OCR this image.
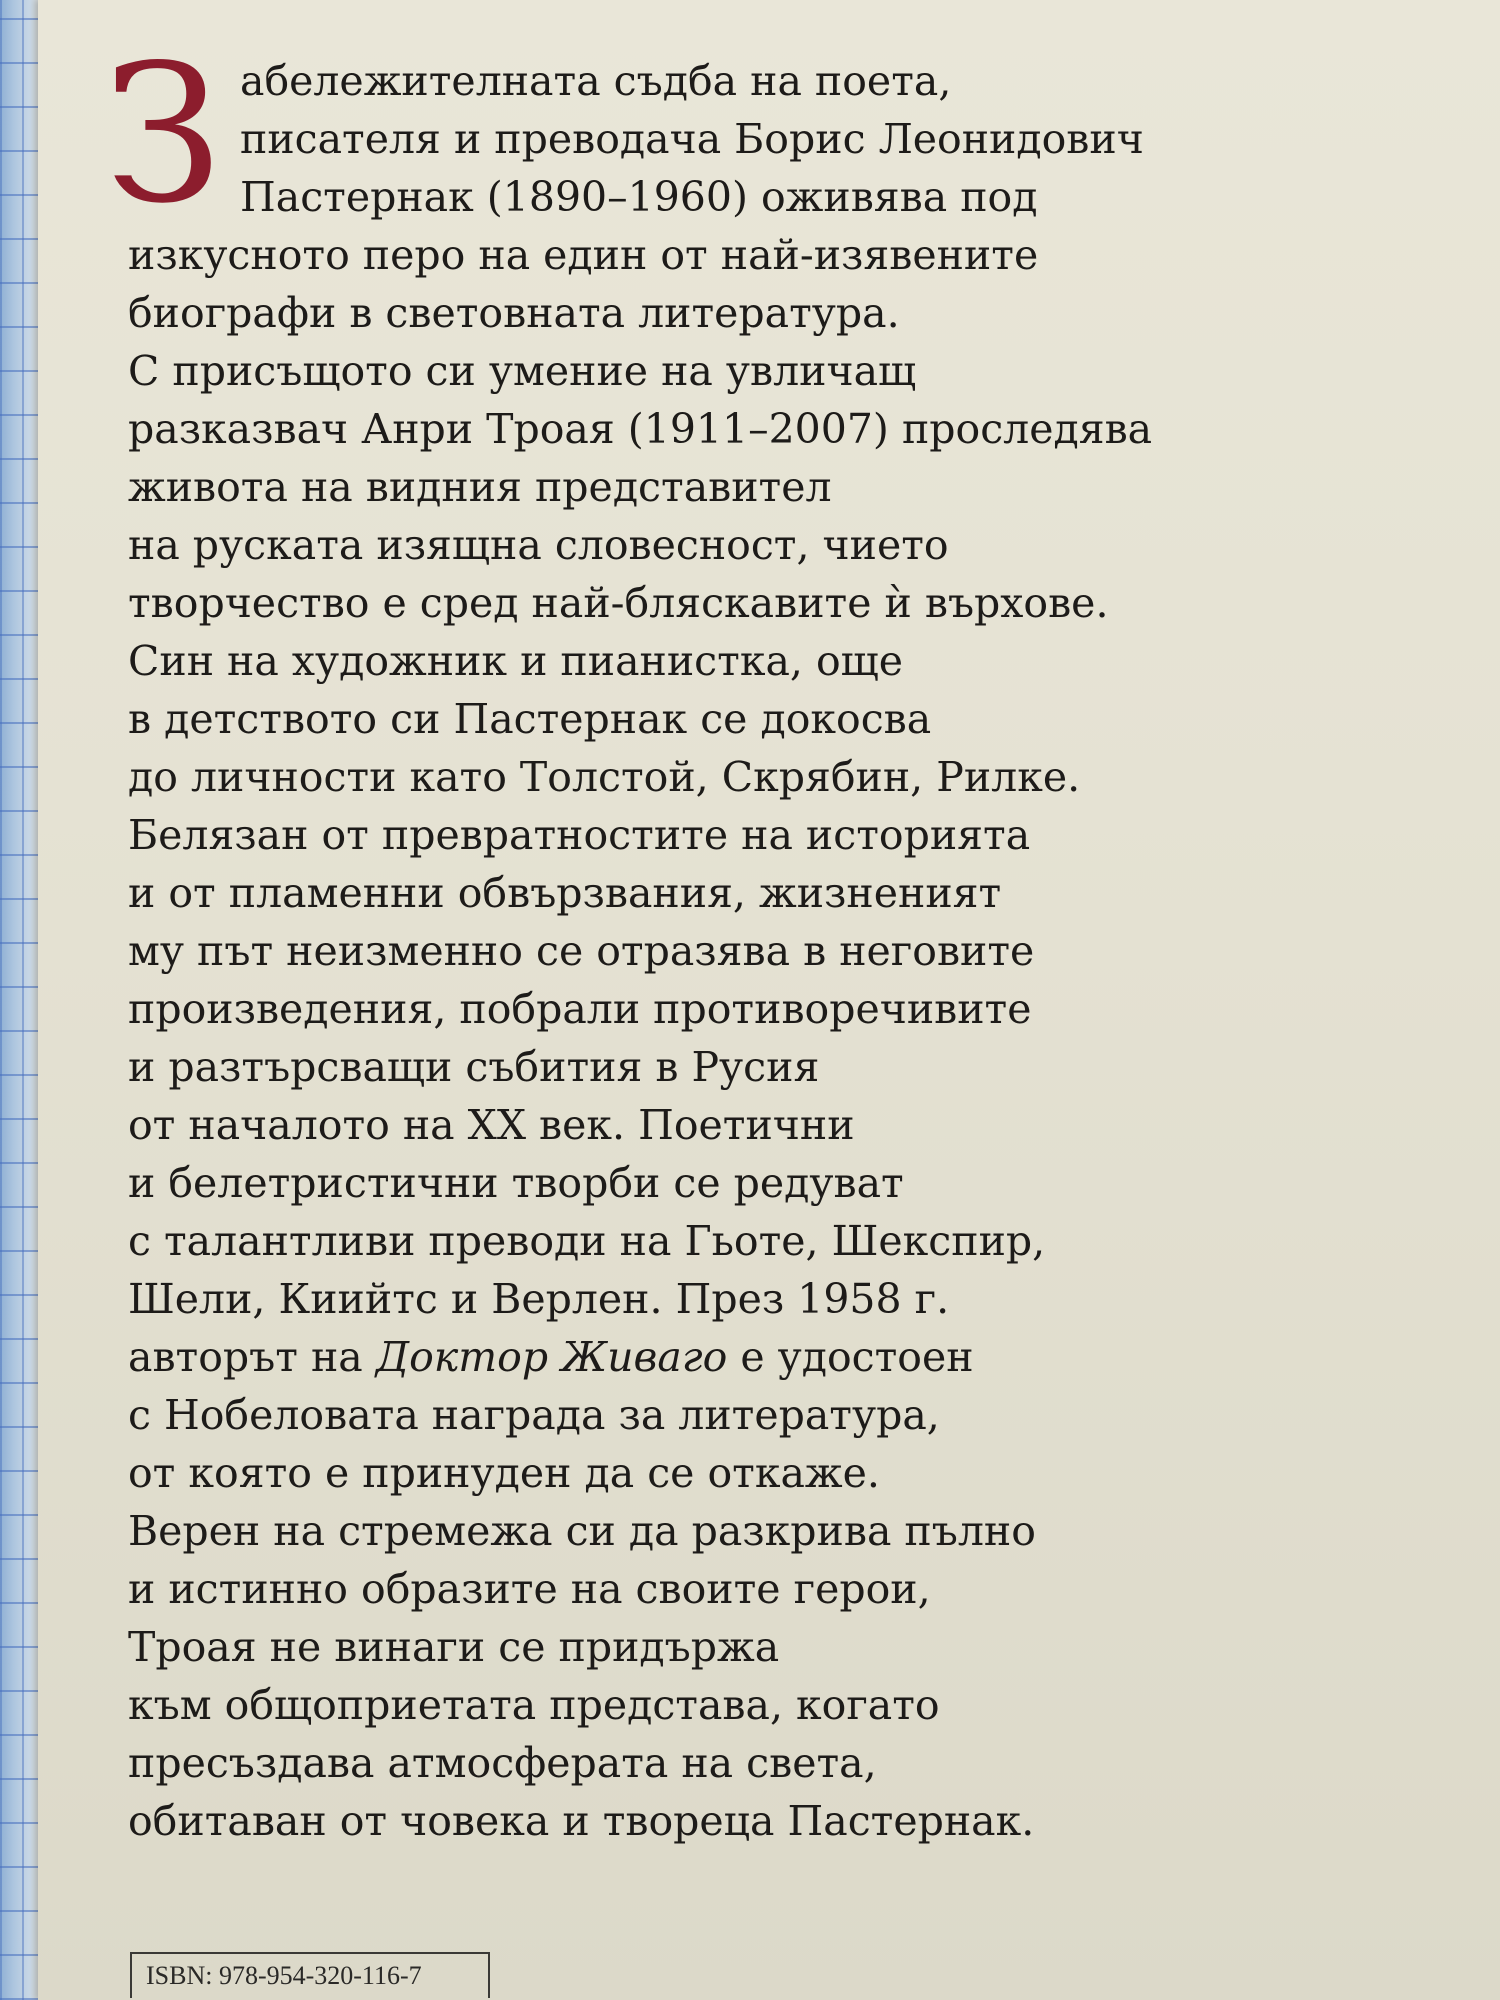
З абележителната съдба на поета,
писателя и преводача Борис Леонидович
Пастернак (1890–1960) оживява под
изкусното перо на един от най-изявените
биографи в световната литература.
С присъщото си умение на увличащ
разказвач Анри Троая (1911–2007) проследява
живота на видния представител
на руската изящна словесност, чието
творчество е сред най-бляскавите ѝ върхове.
Син на художник и пианистка, още
в детството си Пастернак се докосва
до личности като Толстой, Скрябин, Рилке.
Белязан от превратностите на историята
и от пламенни обвързвания, жизненият
му път неизменно се отразява в неговите
произведения, побрали противоречивите
и разтърсващи събития в Русия
от началото на XX век. Поетични
и белетристични творби се редуват
с талантливи преводи на Гьоте, Шекспир,
Шели, Киийтс и Верлен. През 1958 г.
авторът на Доктор Живаго е удостоен
с Нобеловата награда за литература,
от която е принуден да се откаже.
Верен на стремежа си да разкрива пълно
и истинно образите на своите герои,
Троая не винаги се придържа
към общоприетата представа, когато
пресъздава атмосферата на света,
обитаван от човека и твореца Пастернак.
ISBN: 978-954-320-116-7
